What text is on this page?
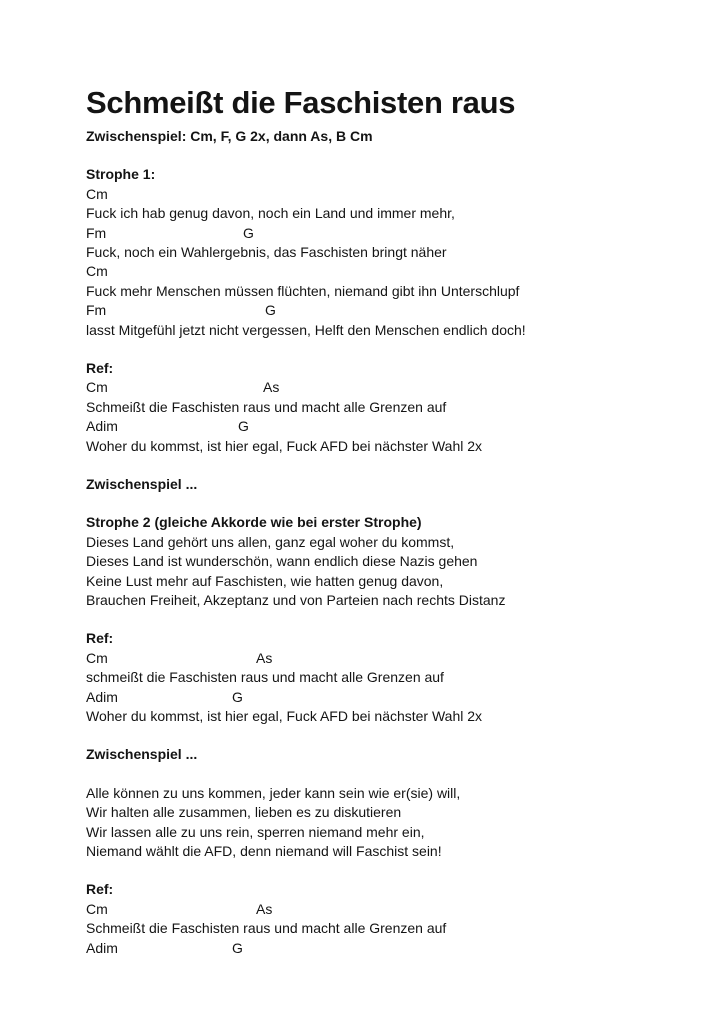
Schmeißt die Faschisten raus

Zwischenspiel: Cm, F, G 2x, dann As, B Cm

Strophe 1:

Cm
Fuck ich hab genug davon, noch ein Land und immer mehr,
Fm	G
Fuck, noch ein Wahlergebnis, das Faschisten bringt näher
Cm
Fuck mehr Menschen müssen flüchten, niemand gibt ihn Unterschlupf
Fm	G
lasst Mitgefühl jetzt nicht vergessen, Helft den Menschen endlich doch!

Ref:

Cm	As
Schmeißt die Faschisten raus und macht alle Grenzen auf
Adim	G
Woher du kommst, ist hier egal, Fuck AFD bei nächster Wahl 2x

Zwischenspiel ...

Strophe 2 (gleiche Akkorde wie bei erster Strophe)

Dieses Land gehört uns allen, ganz egal woher du kommst,
Dieses Land ist wunderschön, wann endlich diese Nazis gehen
Keine Lust mehr auf Faschisten, wie hatten genug davon,
Brauchen Freiheit, Akzeptanz und von Parteien nach rechts Distanz

Ref:

Cm	As
schmeißt die Faschisten raus und macht alle Grenzen auf
Adim	G
Woher du kommst, ist hier egal, Fuck AFD bei nächster Wahl 2x

Zwischenspiel ...

Alle können zu uns kommen, jeder kann sein wie er(sie) will,
Wir halten alle zusammen, lieben es zu diskutieren
Wir lassen alle zu uns rein, sperren niemand mehr ein,
Niemand wählt die AFD, denn niemand will Faschist sein!

Ref:

Cm	As
Schmeißt die Faschisten raus und macht alle Grenzen auf
Adim	G
